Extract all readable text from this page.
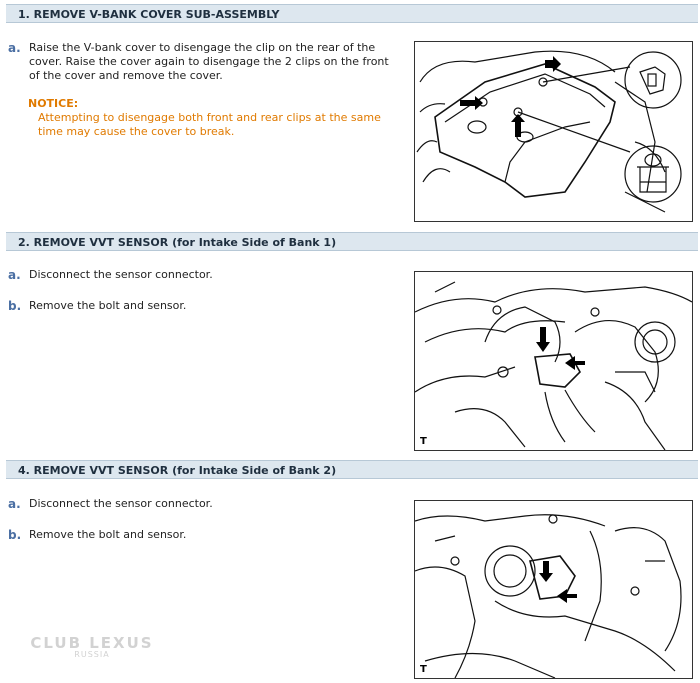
1. REMOVE V-BANK COVER SUB-ASSEMBLY
a. Raise the V-bank cover to disengage the clip on the rear of the cover. Raise the cover again to disengage the 2 clips on the front of the cover and remove the cover.
NOTICE:
Attempting to disengage both front and rear clips at the same time may cause the cover to break.
2. REMOVE VVT SENSOR (for Intake Side of Bank 1)
a. Disconnect the sensor connector.
b. Remove the bolt and sensor.
T
4. REMOVE VVT SENSOR (for Intake Side of Bank 2)
a. Disconnect the sensor connector.
b. Remove the bolt and sensor.
T
CLUB LEXUS
RUSSIA
